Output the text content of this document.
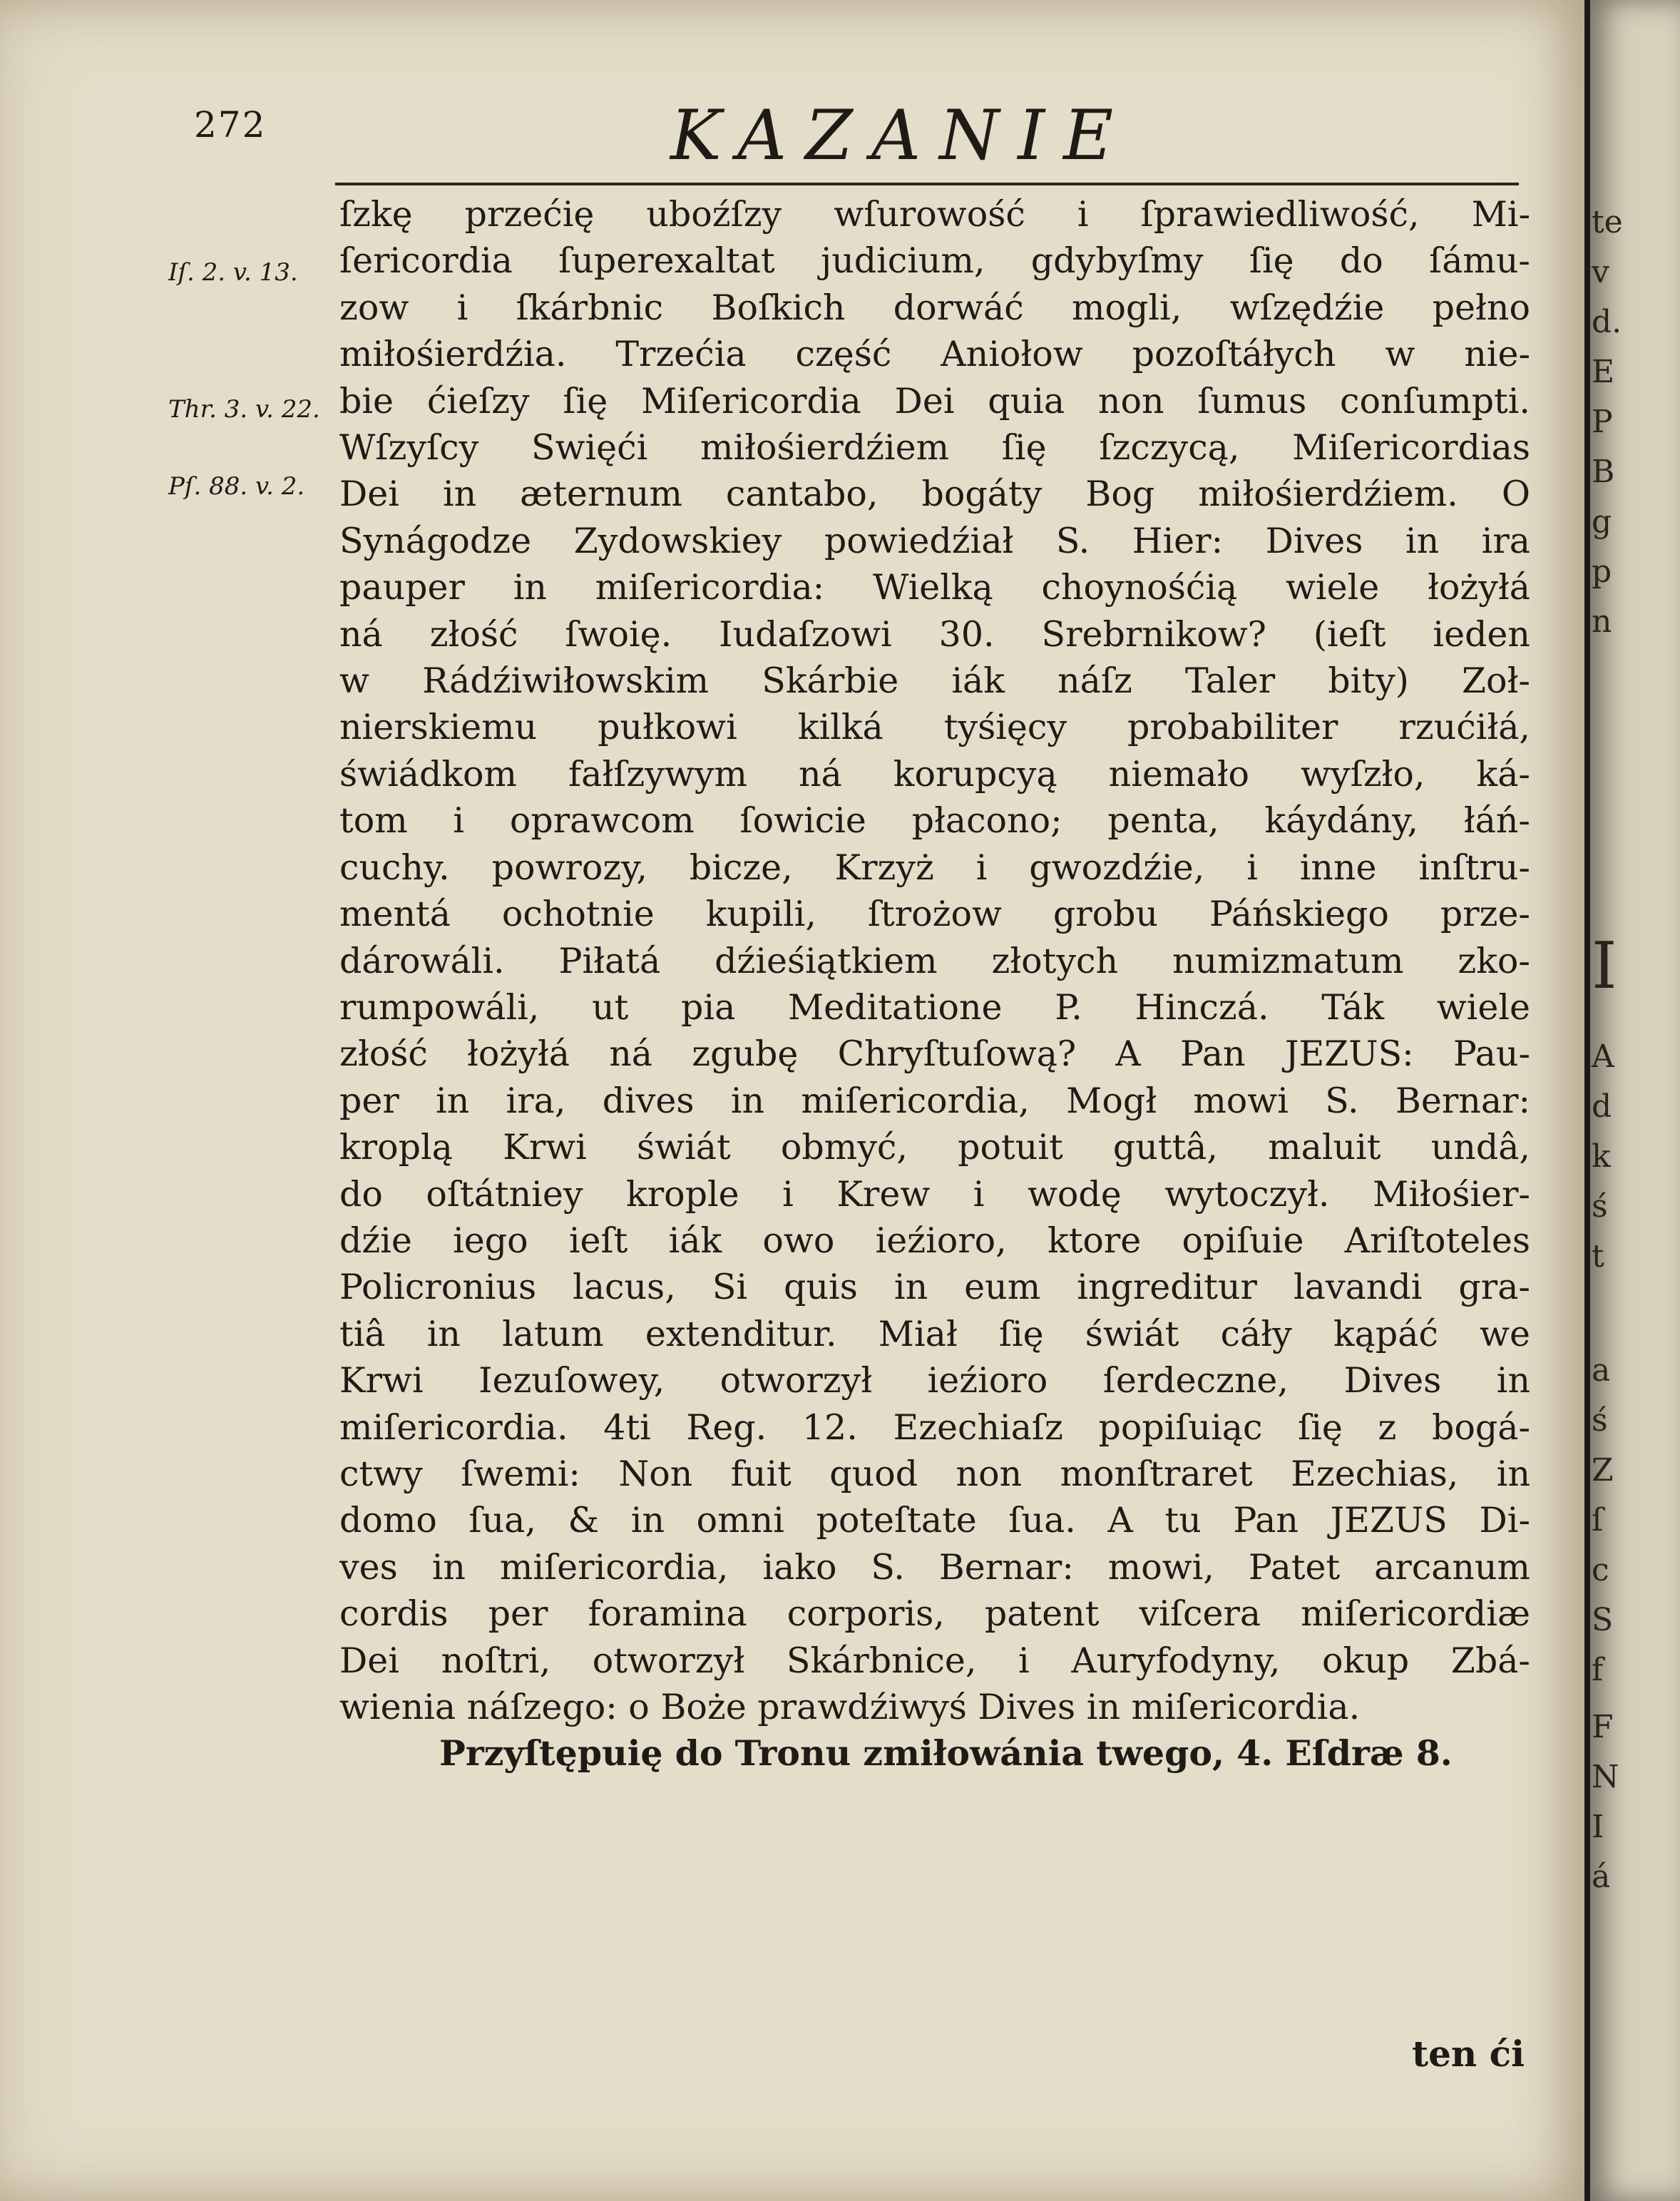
272	KAZANIE
Iſ. 2. v. 13.
Thr. 3. v. 22.
Pſ. 88. v. 2.
ſzkę przećię uboźſzy wſurowość i ſprawiedliwość, Mi-
ſericordia ſuperexaltat judicium, gdybyſmy ſię do ſámu-
zow i ſkárbnic Boſkich dorwáć mogli, wſzędźie pełno
miłośierdźia. Trzećia część Aniołow pozoſtáłych w nie-
bie ćieſzy ſię Miſericordia Dei quia non ſumus conſumpti.
Wſzyſcy Swięći miłośierdźiem ſię ſzczycą, Miſericordias
Dei in æternum cantabo, bogáty Bog miłośierdźiem. O
Synágodze Zydowskiey powiedźiał S. Hier: Dives in ira
pauper in miſericordia: Wielką choynośćią wiele łożyłá
ná złość ſwoię. Iudaſzowi 30. Srebrnikow? (ieſt ieden
w Rádźiwiłowskim Skárbie iák náſz Taler bity) Zoł-
nierskiemu pułkowi kilká tyśięcy probabiliter rzućiłá,
świádkom fałſzywym ná korupcyą niemało wyſzło, ká-
tom i oprawcom ſowicie płacono; penta, káydány, łáń-
cuchy. powrozy, bicze, Krzyż i gwozdźie, i inne inſtru-
mentá ochotnie kupili, ſtrożow grobu Páńskiego prze-
dárowáli. Piłatá dźieśiątkiem złotych numizmatum zko-
rumpowáli, ut pia Meditatione P. Hinczá. Ták wiele
złość łożyłá ná zgubę Chryſtuſową? A Pan JEZUS: Pau-
per in ira, dives in miſericordia, Mogł mowi S. Bernar:
kroplą Krwi świát obmyć, potuit guttâ, maluit undâ,
do oſtátniey krople i Krew i wodę wytoczył. Miłośier-
dźie iego ieſt iák owo ieźioro, ktore opiſuie Ariſtoteles
Policronius lacus, Si quis in eum ingreditur lavandi gra-
tiâ in latum extenditur. Miał ſię świát cáły kąpáć we
Krwi Iezuſowey, otworzył ieźioro ſerdeczne, Dives in
miſericordia. 4ti Reg. 12. Ezechiaſz popiſuiąc ſię z bogá-
ctwy ſwemi: Non fuit quod non monſtraret Ezechias, in
domo ſua, & in omni poteſtate ſua. A tu Pan JEZUS Di-
ves in miſericordia, iako S. Bernar: mowi, Patet arcanum
cordis per foramina corporis, patent viſcera miſericordiæ
Dei noſtri, otworzył Skárbnice, i Auryfodyny, okup Zbá-
wienia náſzego: o Boże prawdźiwyś Dives in miſericordia.
Przyſtępuię do Tronu zmiłowánia twego, 4. Eſdræ 8.
ten ći
te
v
d.
E
P
B
g
p
n
I
A
d
k
ś
t
a
ś
Z
ſ
c
S
f
F
N
I
á
